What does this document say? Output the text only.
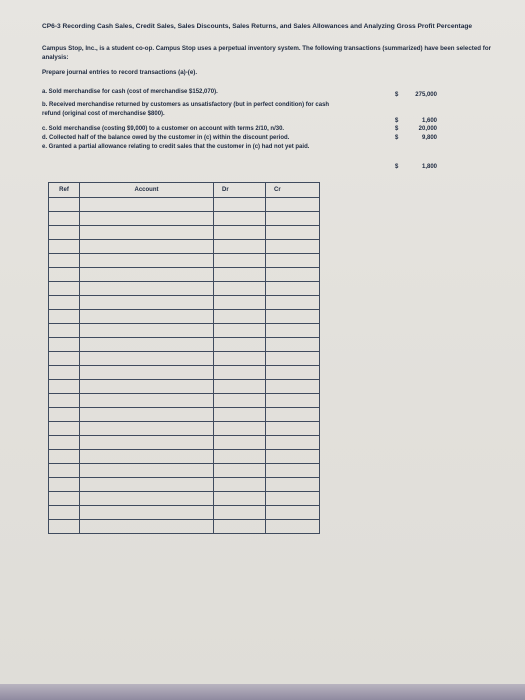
CP6-3 Recording Cash Sales, Credit Sales, Sales Discounts, Sales Returns, and Sales Allowances and Analyzing Gross Profit Percentage
Campus Stop, Inc., is a student co-op. Campus Stop uses a perpetual inventory system. The following transactions (summarized) have been selected for analysis:
Prepare journal entries to record transactions (a)-(e).
a. Sold merchandise for cash (cost of merchandise $152,070).	$	275,000
b. Received merchandise returned by customers as unsatisfactory (but in perfect condition) for cash refund (original cost of merchandise $800).
$	1,600
c. Sold merchandise (costing $9,000) to a customer on account with terms 2/10, n/30.	$	20,000
d. Collected half of the balance owed by the customer in (c) within the discount period.	$	9,800
e. Granted a partial allowance relating to credit sales that the customer in (c) had not yet paid.
$	1,800
Ref	Account	Dr	Cr
